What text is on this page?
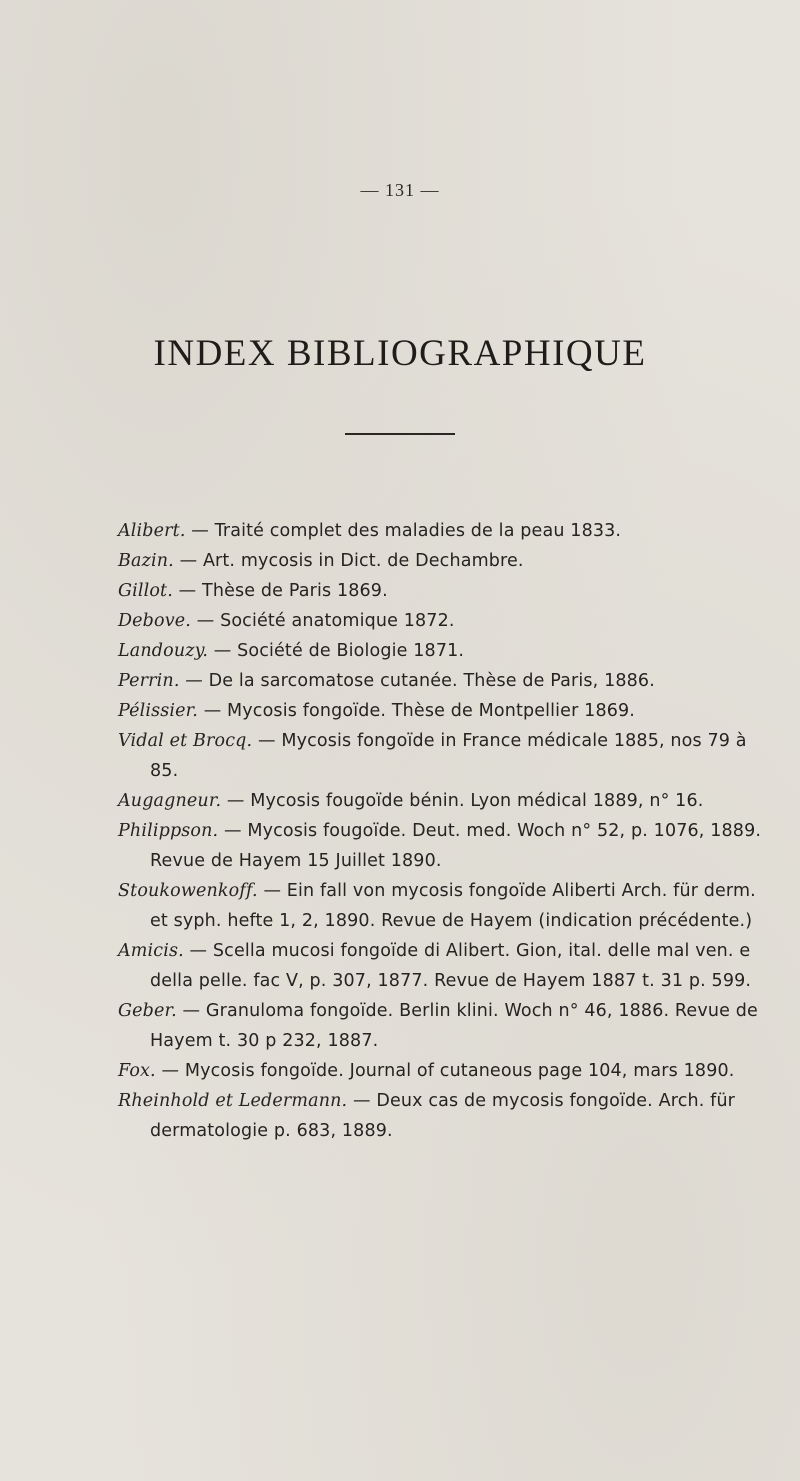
— 131 —
INDEX BIBLIOGRAPHIQUE

Alibert. — Traité complet des maladies de la peau 1833.

Bazin. — Art. mycosis in Dict. de Dechambre.

Gillot. — Thèse de Paris 1869.

Debove. — Société anatomique 1872.

Landouzy. — Société de Biologie 1871.

Perrin. — De la sarcomatose cutanée. Thèse de Paris, 1886.

Pélissier. — Mycosis fongoïde. Thèse de Montpellier 1869.

Vidal et Brocq. — Mycosis fongoïde in France médicale 1885, nos 79 à 85.

Augagneur. — Mycosis fougoïde bénin. Lyon médical 1889, n° 16.

Philippson. — Mycosis fougoïde. Deut. med. Woch n° 52, p. 1076, 1889. Revue de Hayem 15 Juillet 1890.

Stoukowenkoff. — Ein fall von mycosis fongoïde Aliberti Arch. für derm. et syph. hefte 1, 2, 1890. Revue de Hayem (indication précédente.)

Amicis. — Scella mucosi fongoïde di Alibert. Gion, ital. delle mal ven. e della pelle. fac V, p. 307, 1877. Revue de Hayem 1887 t. 31 p. 599.

Geber. — Granuloma fongoïde. Berlin klini. Woch n° 46, 1886. Revue de Hayem t. 30 p 232, 1887.

Fox. — Mycosis fongoïde. Journal of cutaneous page 104, mars 1890.

Rheinhold et Ledermann. — Deux cas de mycosis fongoïde. Arch. für dermatologie p. 683, 1889.
